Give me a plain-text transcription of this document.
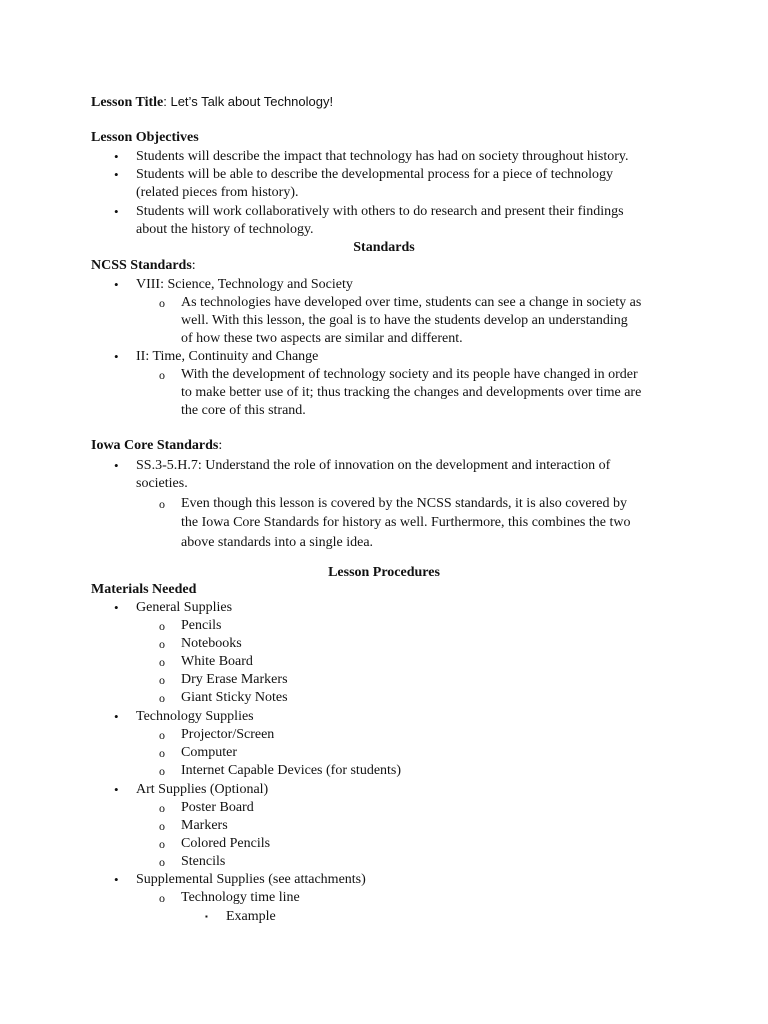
Lesson Title: Let’s Talk about Technology!
Lesson Objectives
• Students will describe the impact that technology has had on society throughout history.
• Students will be able to describe the developmental process for a piece of technology
(related pieces from history).
• Students will work collaboratively with others to do research and present their findings
about the history of technology.
Standards
NCSS Standards:
• VIII: Science, Technology and Society
o As technologies have developed over time, students can see a change in society as
well. With this lesson, the goal is to have the students develop an understanding
of how these two aspects are similar and different.
• II: Time, Continuity and Change
o With the development of technology society and its people have changed in order
to make better use of it; thus tracking the changes and developments over time are
the core of this strand.
Iowa Core Standards:
• SS.3-5.H.7: Understand the role of innovation on the development and interaction of
societies.
o Even though this lesson is covered by the NCSS standards, it is also covered by
the Iowa Core Standards for history as well. Furthermore, this combines the two
above standards into a single idea.
Lesson Procedures
Materials Needed
• General Supplies
o Pencils
o Notebooks
o White Board
o Dry Erase Markers
o Giant Sticky Notes
• Technology Supplies
o Projector/Screen
o Computer
o Internet Capable Devices (for students)
• Art Supplies (Optional)
o Poster Board
o Markers
o Colored Pencils
o Stencils
• Supplemental Supplies (see attachments)
o Technology time line
▪ Example
